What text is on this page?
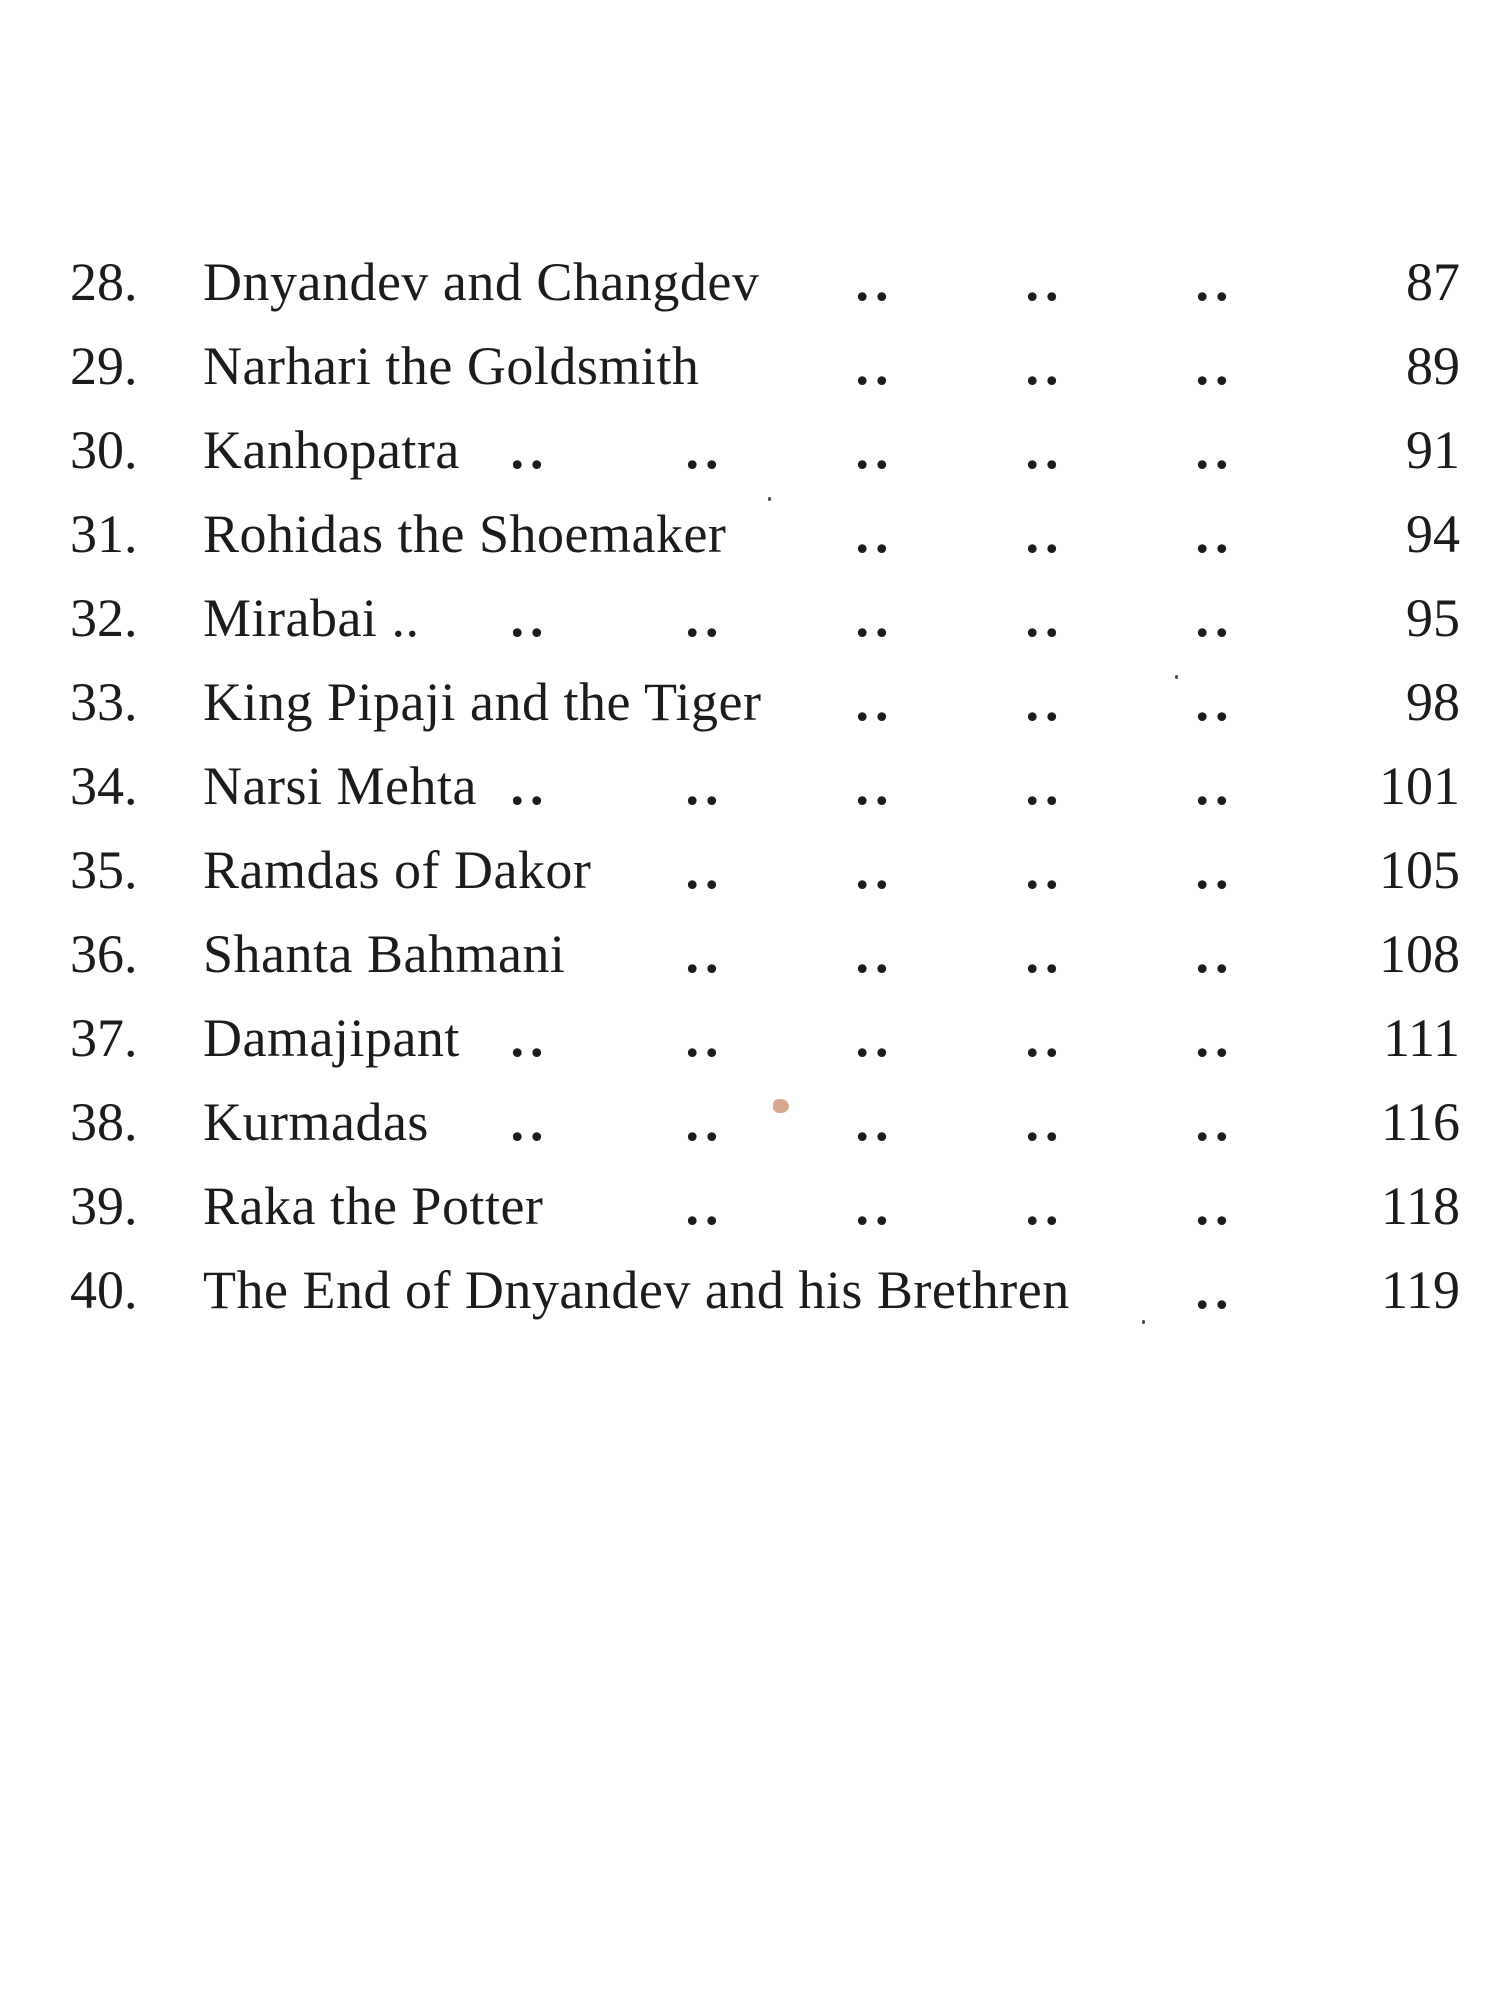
28.	Dnyandev and Changdev .. .. ..	87
29.	Narhari the Goldsmith	.. .. ..	89
30.	Kanhopatra ..	.. .. .. ..	91
31.	Rohidas the Shoemaker .. .. ..	94
32.	Mirabai .. ..	.. .. .. ..	95
33.	King Pipaji and the Tiger .. .. ..	98
34.	Narsi Mehta ..	.. .. .. ..	101
35.	Ramdas of Dakor .. .. .. ..	105
36.	Shanta Bahmani .. .. .. ..	108
37.	Damajipant ..	.. .. .. ..	111
38.	Kurmadas ..	.. .. .. ..	116
39.	Raka the Potter	.. .. .. ..	118
40.	The End of Dnyandev and his Brethren ..	119
